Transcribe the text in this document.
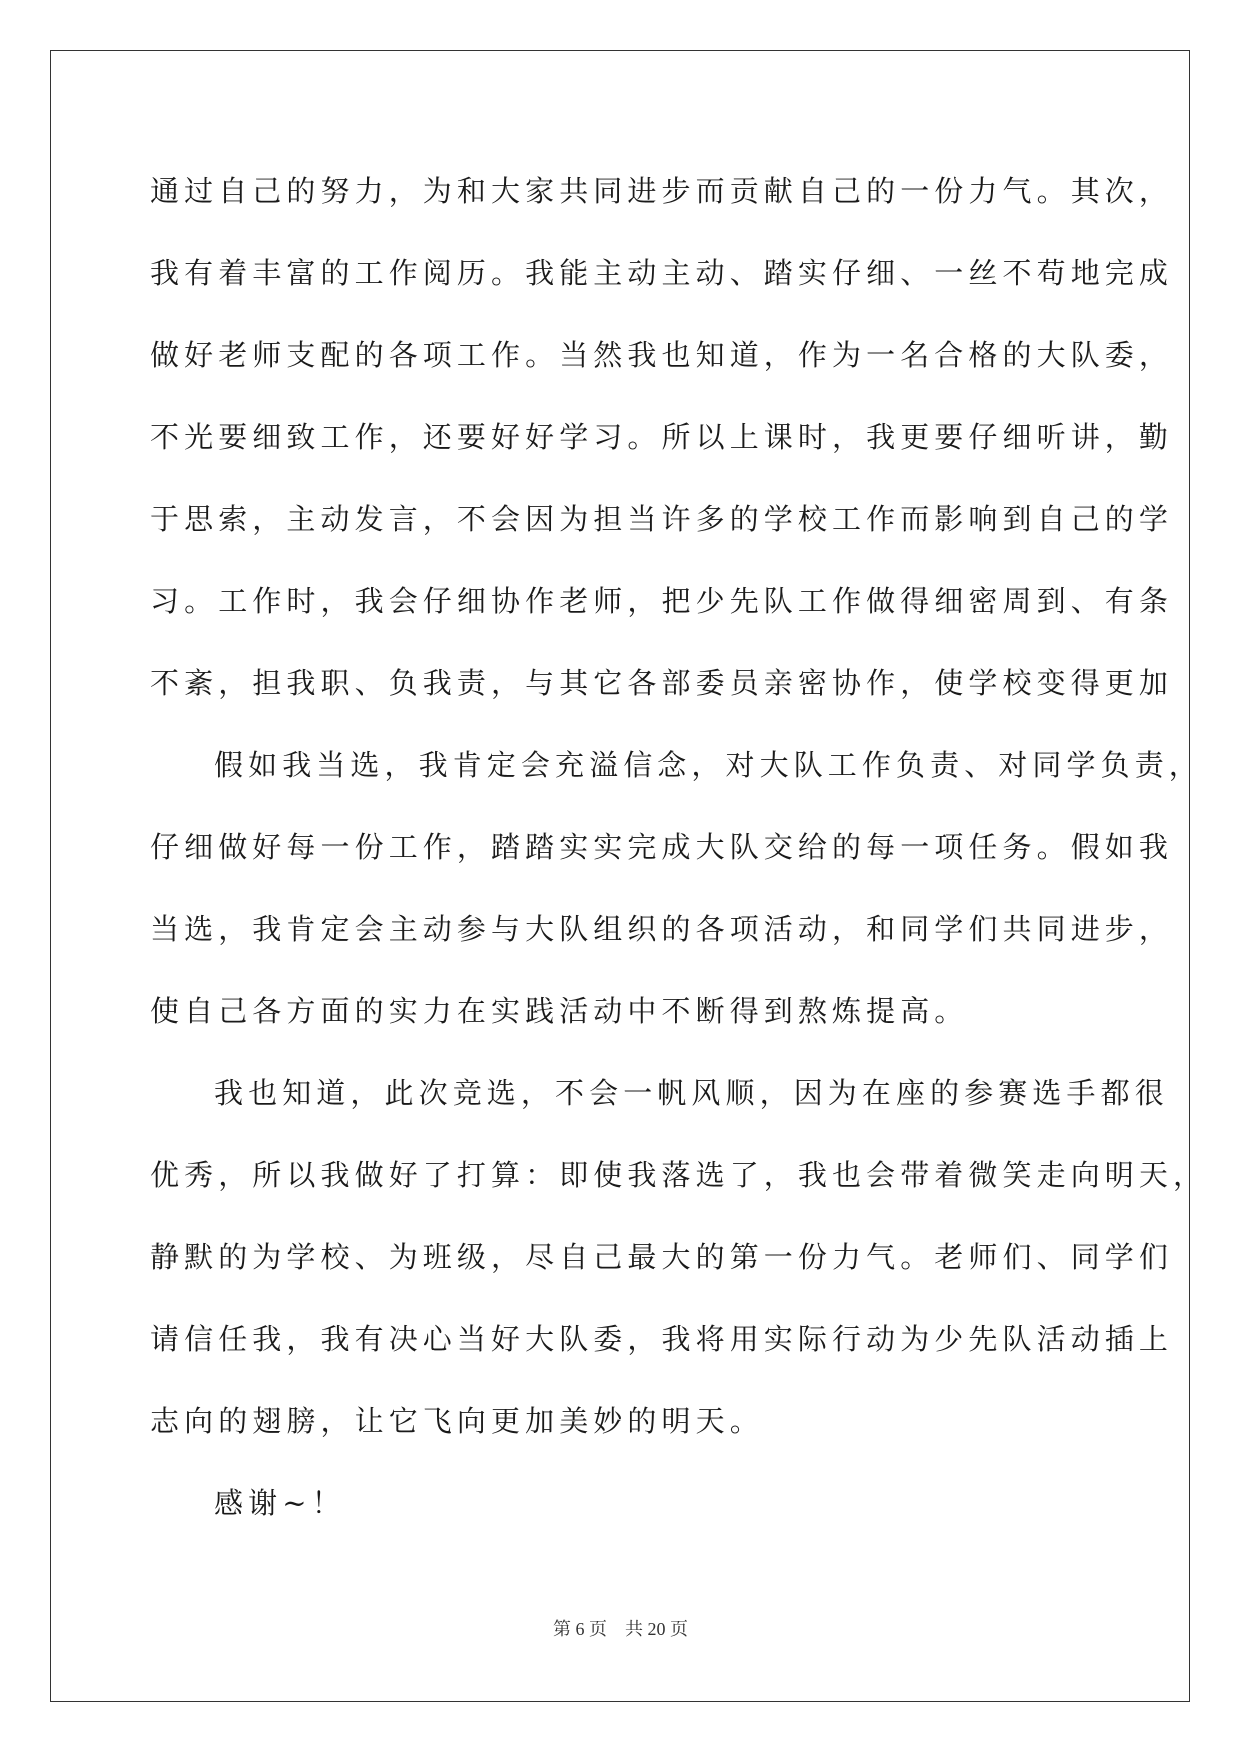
通过自己的努力，为和大家共同进步而贡献自己的一份力气。其次，
我有着丰富的工作阅历。我能主动主动、踏实仔细、一丝不苟地完成
做好老师支配的各项工作。当然我也知道，作为一名合格的大队委，
不光要细致工作，还要好好学习。所以上课时，我更要仔细听讲，勤
于思索，主动发言，不会因为担当许多的学校工作而影响到自己的学
习。工作时，我会仔细协作老师，把少先队工作做得细密周到、有条
不紊，担我职、负我责，与其它各部委员亲密协作，使学校变得更加
假如我当选，我肯定会充溢信念，对大队工作负责、对同学负责，
仔细做好每一份工作，踏踏实实完成大队交给的每一项任务。假如我
当选，我肯定会主动参与大队组织的各项活动，和同学们共同进步，
使自己各方面的实力在实践活动中不断得到熬炼提高。
我也知道，此次竞选，不会一帆风顺，因为在座的参赛选手都很
优秀，所以我做好了打算：即使我落选了，我也会带着微笑走向明天，
静默的为学校、为班级，尽自己最大的第一份力气。老师们、同学们
请信任我，我有决心当好大队委，我将用实际行动为少先队活动插上
志向的翅膀，让它飞向更加美妙的明天。
感谢~！
第 6 页 共 20 页
